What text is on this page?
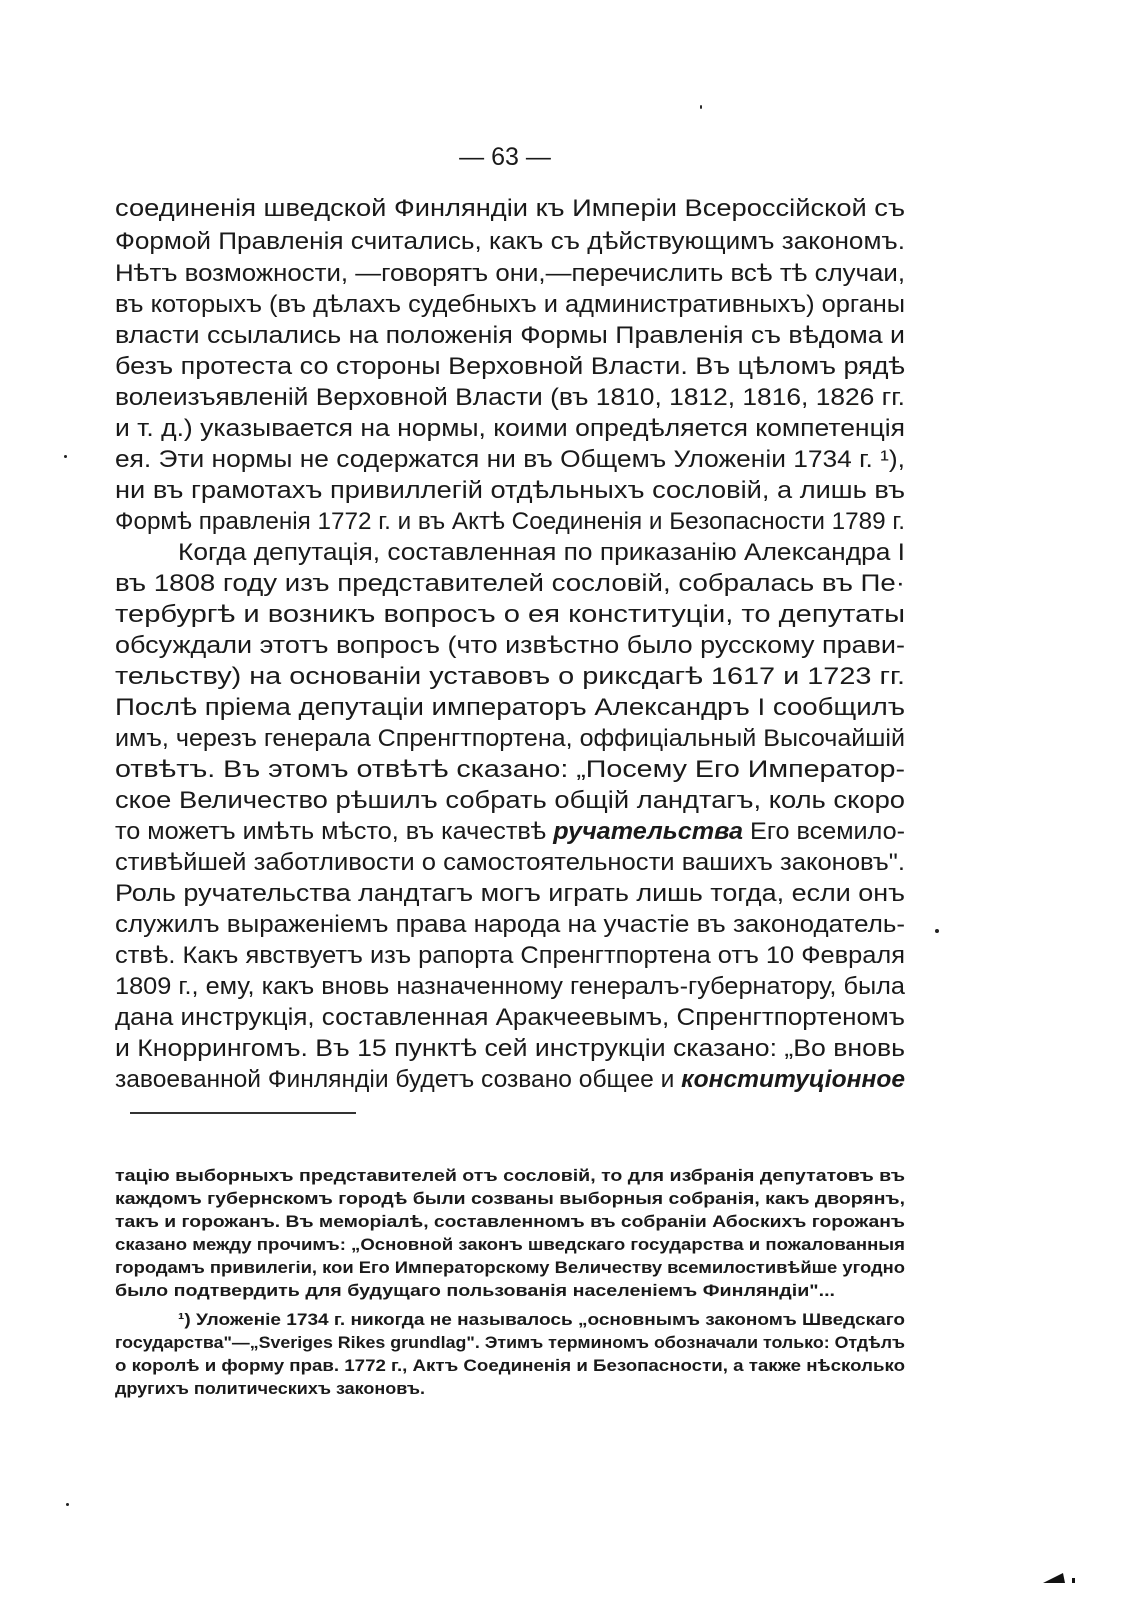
— 63 —
соединенія шведской Финляндіи къ Имперіи Всероссійской съ
Формой Правленія считались, какъ съ дѣйствующимъ закономъ.
Нѣтъ возможности, —говорятъ они,—перечислить всѣ тѣ случаи,
въ которыхъ (въ дѣлахъ судебныхъ и административныхъ) органы
власти ссылались на положенія Формы Правленія съ вѣдома и
безъ протеста со стороны Верховной Власти. Въ цѣломъ рядѣ
волеизъявленій Верховной Власти (въ 1810, 1812, 1816, 1826 гг.
и т. д.) указывается на нормы, коими опредѣляется компетенція
ея. Эти нормы не содержатся ни въ Общемъ Уложеніи 1734 г. ¹),
ни въ грамотахъ привиллегій отдѣльныхъ сословій, а лишь въ
Формѣ правленія 1772 г. и въ Актѣ Соединенія и Безопасности 1789 г.
Когда депутація, составленная по приказанію Александра I
въ 1808 году изъ представителей сословій, собралась въ Пе·
тербургѣ и возникъ вопросъ о ея конституціи, то депутаты
обсуждали этотъ вопросъ (что извѣстно было русскому прави-
тельству) на основаніи уставовъ о риксдагѣ 1617 и 1723 гг.
Послѣ пріема депутаціи императоръ Александръ I сообщилъ
имъ, черезъ генерала Спренгтпортена, оффиціальный Высочайшій
отвѣтъ. Въ этомъ отвѣтѣ сказано: „Посему Его Император-
ское Величество рѣшилъ собрать общій ландтагъ, коль скоро
то можетъ имѣть мѣсто, въ качествѣ ручательства Его всемило-
стивѣйшей заботливости о самостоятельности вашихъ законовъ".
Роль ручательства ландтагъ могъ играть лишь тогда, если онъ
служилъ выраженіемъ права народа на участіе въ законодатель-
ствѣ. Какъ явствуетъ изъ рапорта Спренгтпортена отъ 10 Февраля
1809 г., ему, какъ вновь назначенному генералъ-губернатору, была
дана инструкція, составленная Аракчеевымъ, Спренгтпортеномъ
и Кноррингомъ. Въ 15 пунктѣ сей инструкціи сказано: „Во вновь
завоеванной Финляндіи будетъ созвано общее и конституціонное
тацію выборныхъ представителей отъ сословій, то для избранія депутатовъ въ
каждомъ губернскомъ городѣ были созваны выборныя собранія, какъ дворянъ,
такъ и горожанъ. Въ меморіалѣ, составленномъ въ собраніи Абоскихъ горожанъ
сказано между прочимъ: „Основной законъ шведскаго государства и пожалованныя
городамъ привилегіи, кои Его Императорскому Величеству всемилостивѣйше угодно
было подтвердить для будущаго пользованія населеніемъ Финляндіи"...
¹) Уложеніе 1734 г. никогда не называлось „основнымъ закономъ Шведскаго
государства"—„Sveriges Rikes grundlag". Этимъ терминомъ обозначали только: Отдѣлъ
о королѣ и форму прав. 1772 г., Актъ Соединенія и Безопасности, а также нѣсколько
другихъ политическихъ законовъ.
